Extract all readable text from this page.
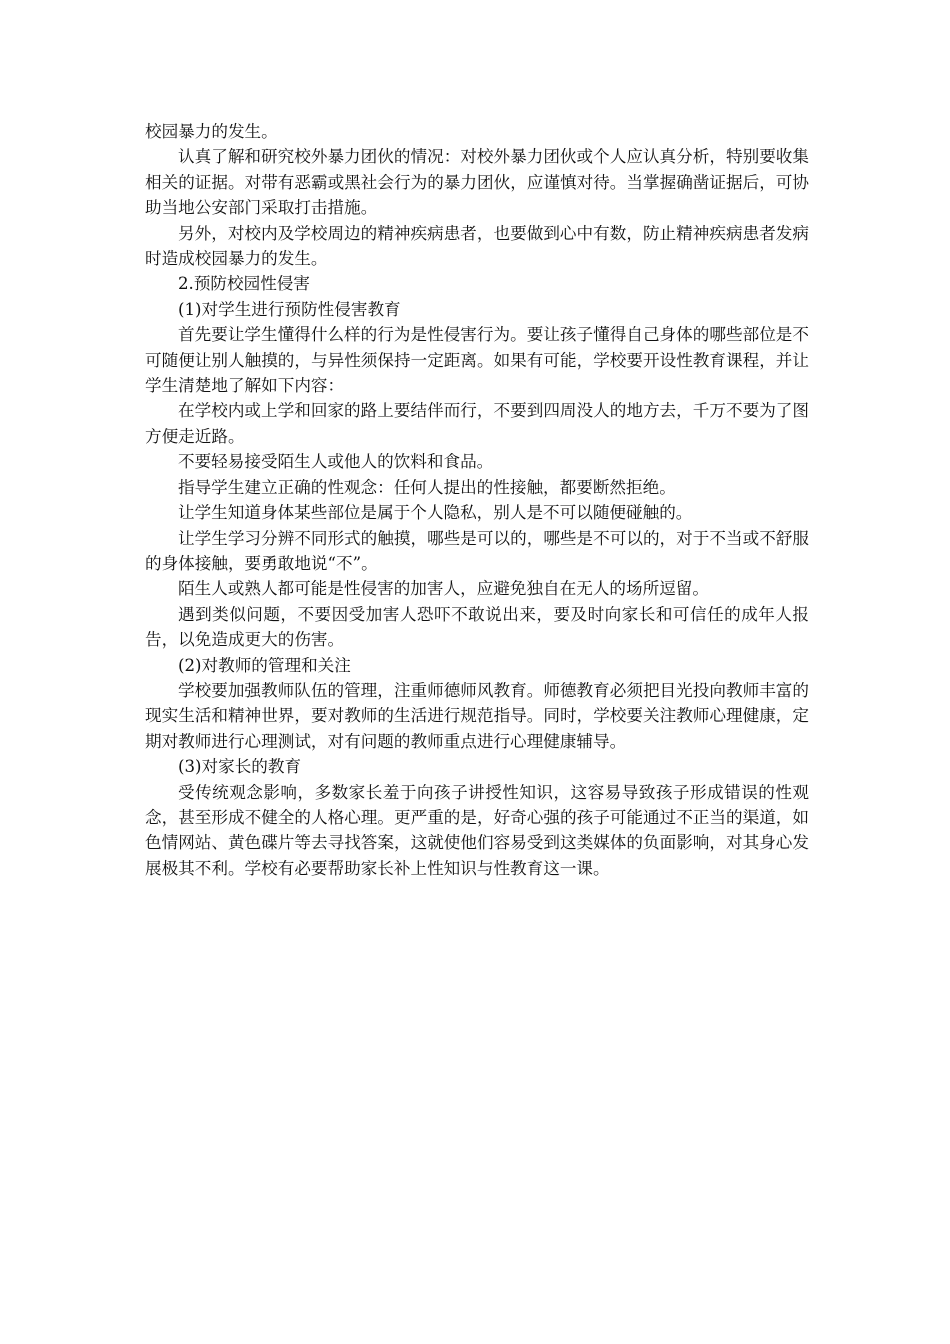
校园暴力的发生。

认真了解和研究校外暴力团伙的情况：对校外暴力团伙或个人应认真分析，特别要收集相关的证据。对带有恶霸或黑社会行为的暴力团伙，应谨慎对待。当掌握确凿证据后，可协助当地公安部门采取打击措施。

另外，对校内及学校周边的精神疾病患者，也要做到心中有数，防止精神疾病患者发病时造成校园暴力的发生。

2.预防校园性侵害

(1)对学生进行预防性侵害教育

首先要让学生懂得什么样的行为是性侵害行为。要让孩子懂得自己身体的哪些部位是不可随便让别人触摸的，与异性须保持一定距离。如果有可能，学校要开设性教育课程，并让学生清楚地了解如下内容：

在学校内或上学和回家的路上要结伴而行，不要到四周没人的地方去，千万不要为了图方便走近路。

不要轻易接受陌生人或他人的饮料和食品。

指导学生建立正确的性观念：任何人提出的性接触，都要断然拒绝。

让学生知道身体某些部位是属于个人隐私，别人是不可以随便碰触的。

让学生学习分辨不同形式的触摸，哪些是可以的，哪些是不可以的，对于不当或不舒服的身体接触，要勇敢地说“不”。

陌生人或熟人都可能是性侵害的加害人，应避免独自在无人的场所逗留。

遇到类似问题，不要因受加害人恐吓不敢说出来，要及时向家长和可信任的成年人报告，以免造成更大的伤害。

(2)对教师的管理和关注

学校要加强教师队伍的管理，注重师德师风教育。师德教育必须把目光投向教师丰富的现实生活和精神世界，要对教师的生活进行规范指导。同时，学校要关注教师心理健康，定期对教师进行心理测试，对有问题的教师重点进行心理健康辅导。

(3)对家长的教育

受传统观念影响，多数家长羞于向孩子讲授性知识，这容易导致孩子形成错误的性观念，甚至形成不健全的人格心理。更严重的是，好奇心强的孩子可能通过不正当的渠道，如色情网站、黄色碟片等去寻找答案，这就使他们容易受到这类媒体的负面影响，对其身心发展极其不利。学校有必要帮助家长补上性知识与性教育这一课。
